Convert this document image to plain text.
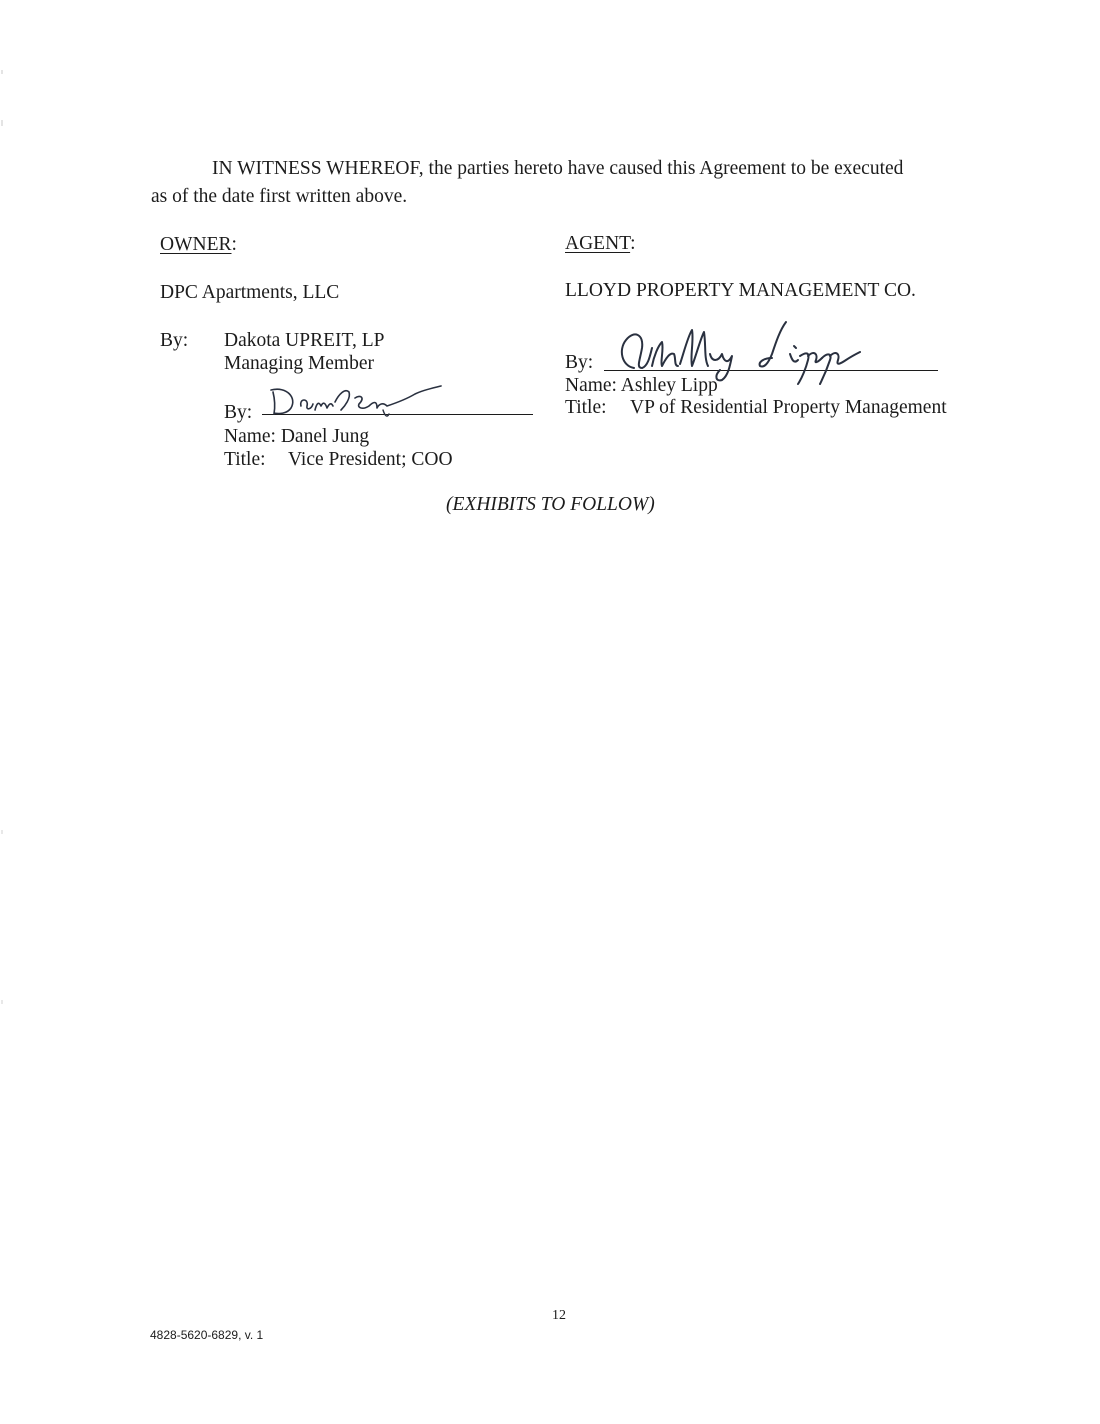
IN WITNESS WHEREOF, the parties hereto have caused this Agreement to be executed
as of the date first written above.
OWNER:
DPC Apartments, LLC
By: Dakota UPREIT, LP
Managing Member
By:
Name: Danel Jung
Title: Vice President; COO
AGENT:
LLOYD PROPERTY MANAGEMENT CO.
By:
Name: Ashley Lipp
Title: VP of Residential Property Management
(EXHIBITS TO FOLLOW)
12
4828-5620-6829, v. 1
